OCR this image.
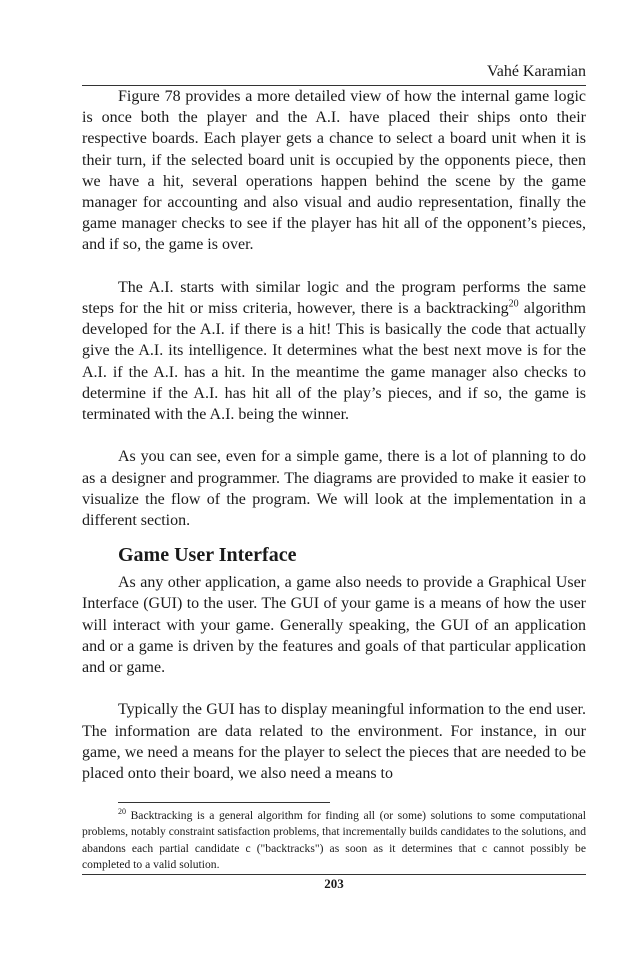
Vahé Karamian

Figure 78 provides a more detailed view of how the internal game logic is once both the player and the A.I. have placed their ships onto their respective boards. Each player gets a chance to select a board unit when it is their turn, if the selected board unit is occupied by the opponents piece, then we have a hit, several operations happen behind the scene by the game manager for accounting and also visual and audio representation, finally the game manager checks to see if the player has hit all of the opponent’s pieces, and if so, the game is over.

The A.I. starts with similar logic and the program performs the same steps for the hit or miss criteria, however, there is a backtracking$^{20}$ algorithm developed for the A.I. if there is a hit! This is basically the code that actually give the A.I. its intelligence. It determines what the best next move is for the A.I. if the A.I. has a hit. In the meantime the game manager also checks to determine if the A.I. has hit all of the play’s pieces, and if so, the game is terminated with the A.I. being the winner.

As you can see, even for a simple game, there is a lot of planning to do as a designer and programmer. The diagrams are provided to make it easier to visualize the flow of the program. We will look at the implementation in a different section.

Game User Interface

As any other application, a game also needs to provide a Graphical User Interface (GUI) to the user. The GUI of your game is a means of how the user will interact with your game. Generally speaking, the GUI of an application and or a game is driven by the features and goals of that particular application and or game.

Typically the GUI has to display meaningful information to the end user. The information are data related to the environment. For instance, in our game, we need a means for the player to select the pieces that are needed to be placed onto their board, we also need a means to

$^{20}$ Backtracking is a general algorithm for finding all (or some) solutions to some computational problems, notably constraint satisfaction problems, that incrementally builds candidates to the solutions, and abandons each partial candidate c ("backtracks") as soon as it determines that c cannot possibly be completed to a valid solution.

203
